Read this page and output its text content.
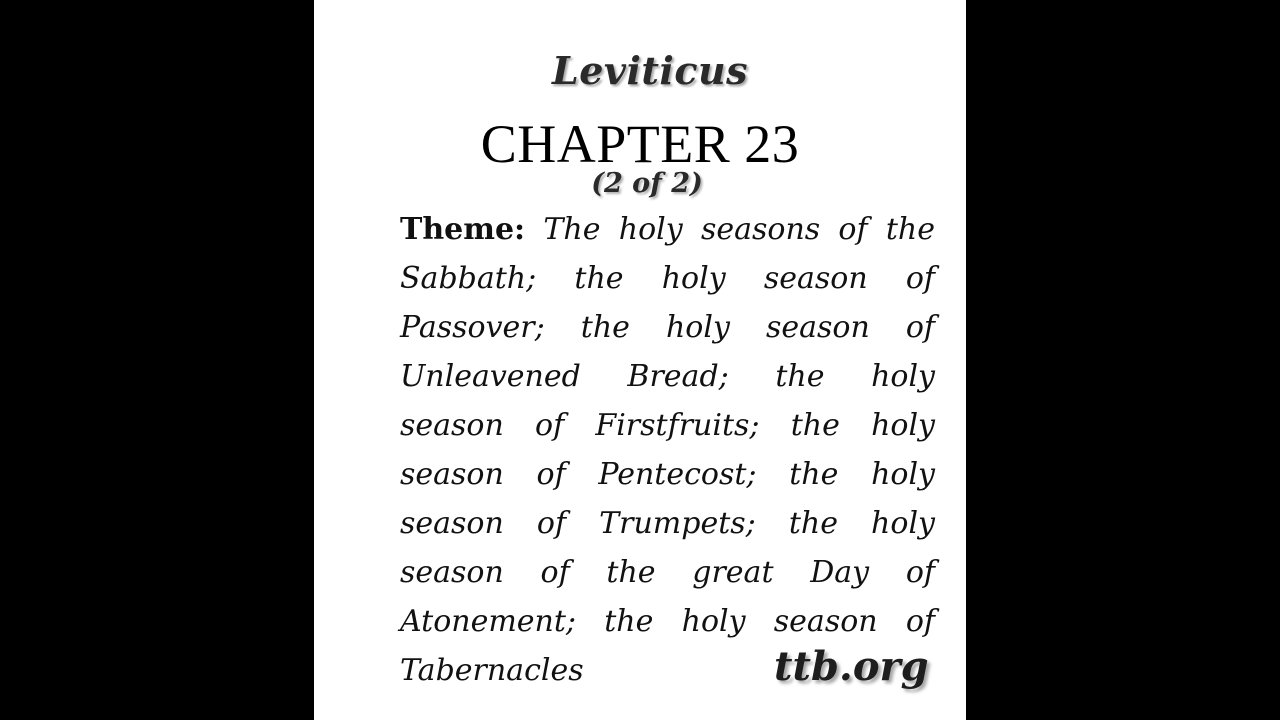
Leviticus
CHAPTER 23
(2 of 2)
Theme: The holy seasons of the Sabbath; the holy season of Passover; the holy season of Unleavened Bread; the holy season of Firstfruits; the holy season of Pentecost; the holy season of Trumpets; the holy season of the great Day of Atonement; the holy season of Tabernacles	ttb.org
